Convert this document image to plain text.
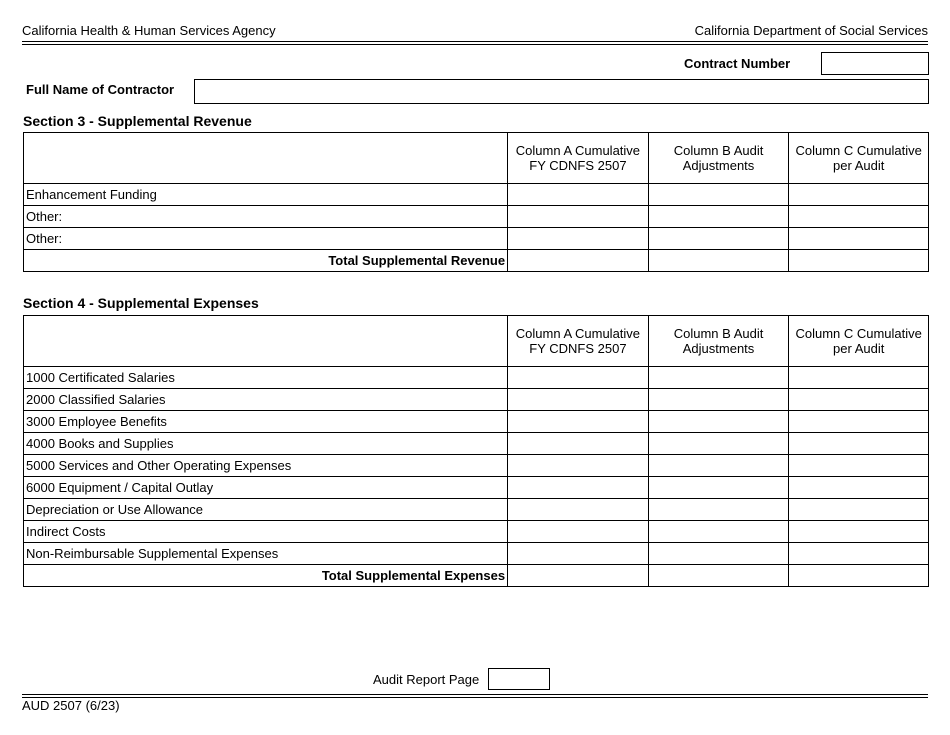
California Health & Human Services Agency	California Department of Social Services
Contract Number
Full Name of Contractor
Section 3 - Supplemental Revenue
	Column A Cumulative FY CDNFS 2507	Column B Audit Adjustments	Column C Cumulative per Audit
Enhancement Funding			
Other:			
Other:			
Total Supplemental Revenue			
Section 4 - Supplemental Expenses
	Column A Cumulative FY CDNFS 2507	Column B Audit Adjustments	Column C Cumulative per Audit
1000 Certificated Salaries			
2000 Classified Salaries			
3000 Employee Benefits			
4000 Books and Supplies			
5000 Services and Other Operating Expenses			
6000 Equipment / Capital Outlay			
Depreciation or Use Allowance			
Indirect Costs			
Non-Reimbursable Supplemental Expenses			
Total Supplemental Expenses			
Audit Report Page
AUD 2507 (6/23)
